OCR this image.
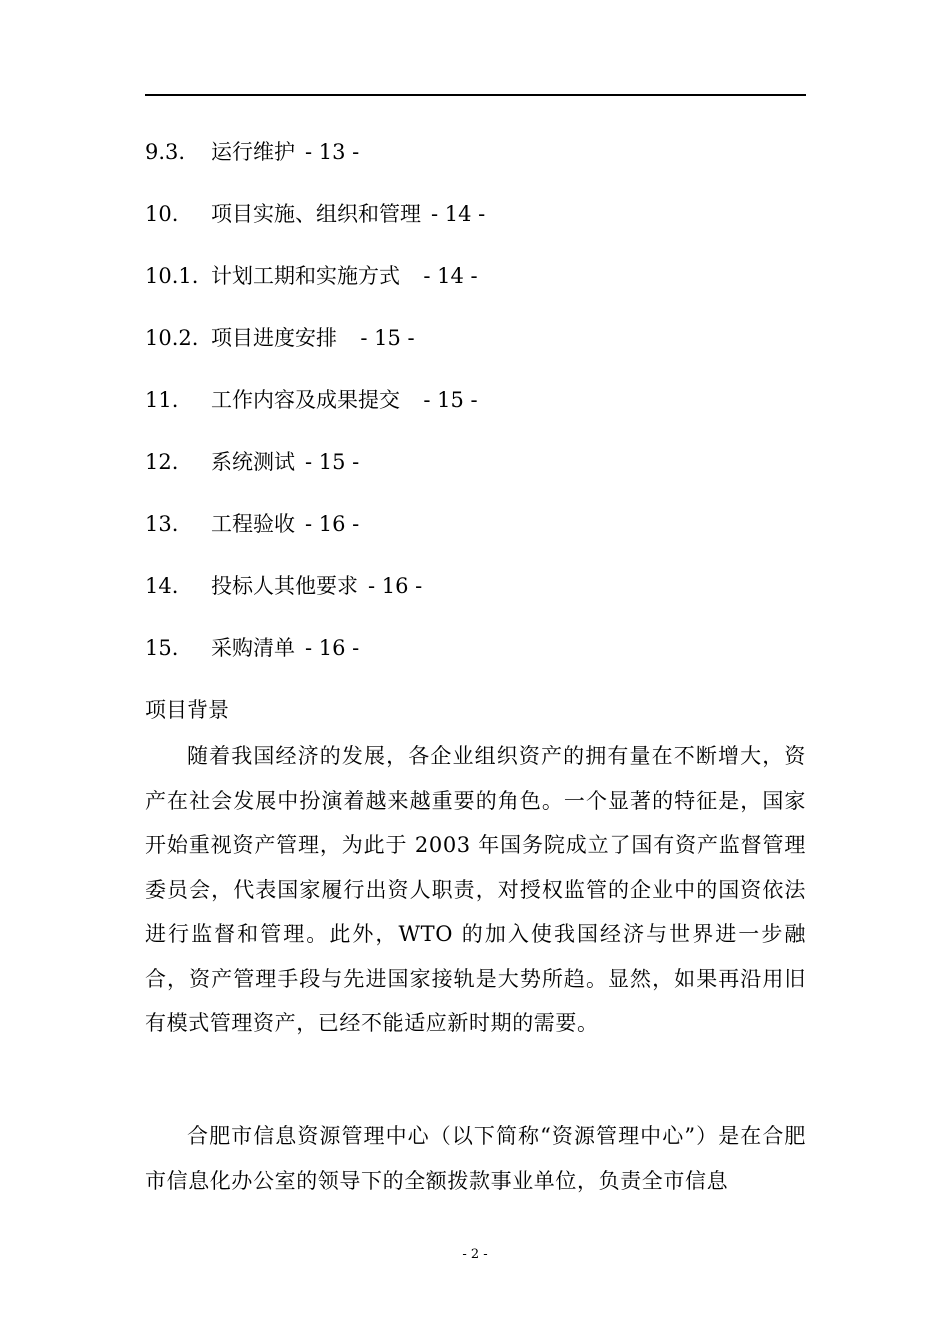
9.3.

运行维护 - 13 -

10.

项目实施、组织和管理 - 14 -

10.1.

计划工期和实施方式  - 14 -

10.2.

项目进度安排  - 15 -

11.

工作内容及成果提交  - 15 -

12.

系统测试 - 15 -

13.

工程验收 - 16 -

14.

投标人其他要求 - 16 -

15.

采购清单 - 16 -

项目背景

随着我国经济的发展，各企业组织资产的拥有量在不断增大，资产在社会发展中扮演着越来越重要的角色。一个显著的特征是，国家开始重视资产管理，为此于 2003 年国务院成立了国有资产监督管理委员会，代表国家履行出资人职责，对授权监管的企业中的国资依法进行监督和管理。此外，WTO 的加入使我国经济与世界进一步融合，资产管理手段与先进国家接轨是大势所趋。显然，如果再沿用旧有模式管理资产，已经不能适应新时期的需要。

合肥市信息资源管理中心（以下简称“资源管理中心”）是在合肥市信息化办公室的领导下的全额拨款事业单位，负责全市信息

- 2 -
